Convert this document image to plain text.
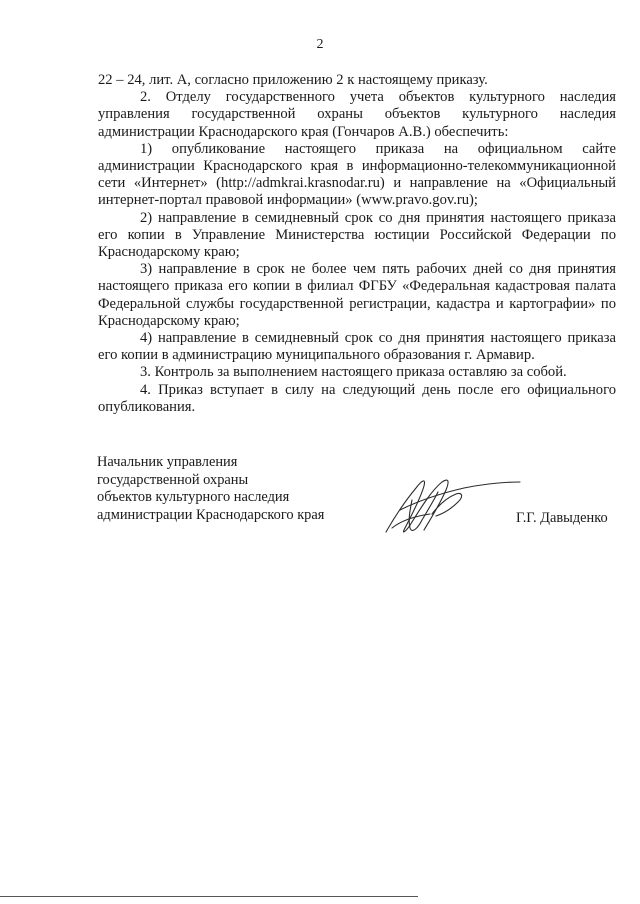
2

22 – 24, лит. А, согласно приложению 2 к настоящему приказу.

2. Отделу государственного учета объектов культурного наследия управления государственной охраны объектов культурного наследия администрации Краснодарского края (Гончаров А.В.) обеспечить:

1) опубликование настоящего приказа на официальном сайте администрации Краснодарского края в информационно-телекоммуникационной сети «Интернет» (http://admkrai.krasnodar.ru) и направление на «Официальный интернет-портал правовой информации» (www.pravo.gov.ru);

2) направление в семидневный срок со дня принятия настоящего приказа его копии в Управление Министерства юстиции Российской Федерации по Краснодарскому краю;

3) направление в срок не более чем пять рабочих дней со дня принятия настоящего приказа его копии в филиал ФГБУ «Федеральная кадастровая палата Федеральной службы государственной регистрации, кадастра и картографии» по Краснодарскому краю;

4) направление в семидневный срок со дня принятия настоящего приказа его копии в администрацию муниципального образования г. Армавир.

3. Контроль за выполнением настоящего приказа оставляю за собой.

4. Приказ вступает в силу на следующий день после его официального опубликования.

Начальник управления
государственной охраны
объектов культурного наследия
администрации Краснодарского края	Г.Г. Давыденко
